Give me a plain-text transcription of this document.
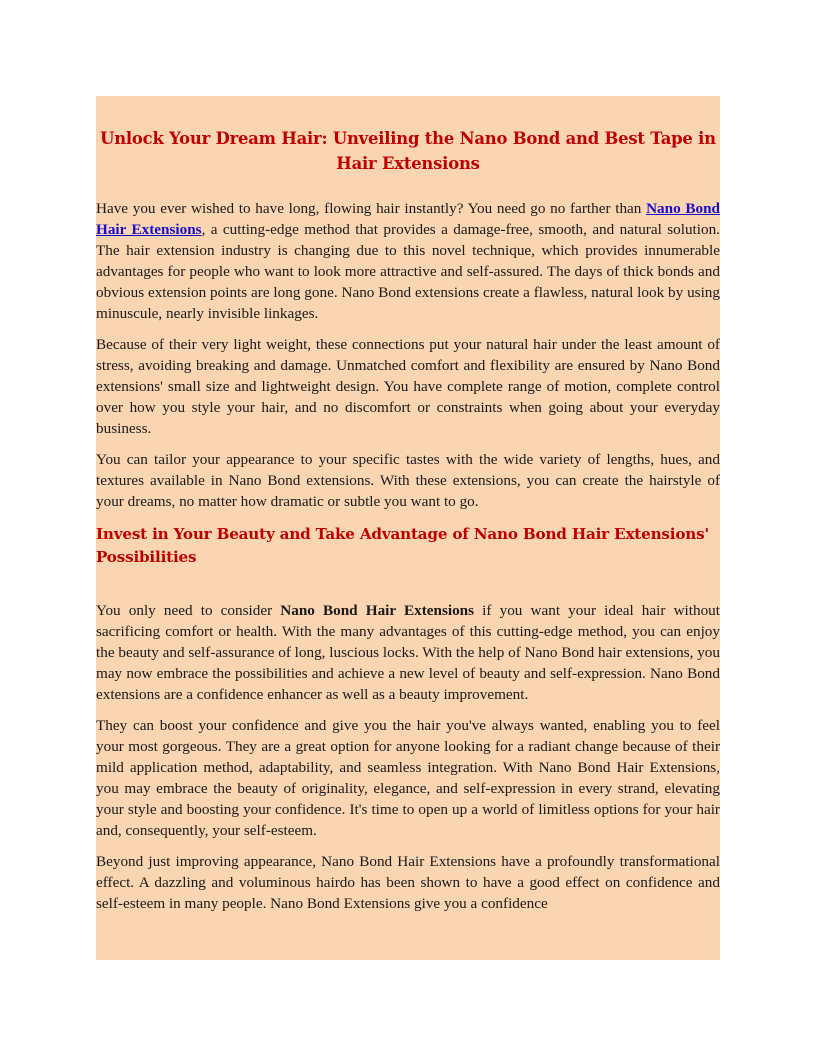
Unlock Your Dream Hair: Unveiling the Nano Bond and Best Tape in Hair Extensions

Have you ever wished to have long, flowing hair instantly? You need go no farther than Nano Bond Hair Extensions, a cutting-edge method that provides a damage-free, smooth, and natural solution. The hair extension industry is changing due to this novel technique, which provides innumerable advantages for people who want to look more attractive and self-assured. The days of thick bonds and obvious extension points are long gone. Nano Bond extensions create a flawless, natural look by using minuscule, nearly invisible linkages.

Because of their very light weight, these connections put your natural hair under the least amount of stress, avoiding breaking and damage. Unmatched comfort and flexibility are ensured by Nano Bond extensions' small size and lightweight design. You have complete range of motion, complete control over how you style your hair, and no discomfort or constraints when going about your everyday business.

You can tailor your appearance to your specific tastes with the wide variety of lengths, hues, and textures available in Nano Bond extensions. With these extensions, you can create the hairstyle of your dreams, no matter how dramatic or subtle you want to go.

Invest in Your Beauty and Take Advantage of Nano Bond Hair Extensions' Possibilities

You only need to consider Nano Bond Hair Extensions if you want your ideal hair without sacrificing comfort or health. With the many advantages of this cutting-edge method, you can enjoy the beauty and self-assurance of long, luscious locks. With the help of Nano Bond hair extensions, you may now embrace the possibilities and achieve a new level of beauty and self-expression. Nano Bond extensions are a confidence enhancer as well as a beauty improvement.

They can boost your confidence and give you the hair you've always wanted, enabling you to feel your most gorgeous. They are a great option for anyone looking for a radiant change because of their mild application method, adaptability, and seamless integration. With Nano Bond Hair Extensions, you may embrace the beauty of originality, elegance, and self-expression in every strand, elevating your style and boosting your confidence. It's time to open up a world of limitless options for your hair and, consequently, your self-esteem.

Beyond just improving appearance, Nano Bond Hair Extensions have a profoundly transformational effect. A dazzling and voluminous hairdo has been shown to have a good effect on confidence and self-esteem in many people. Nano Bond Extensions give you a confidence
